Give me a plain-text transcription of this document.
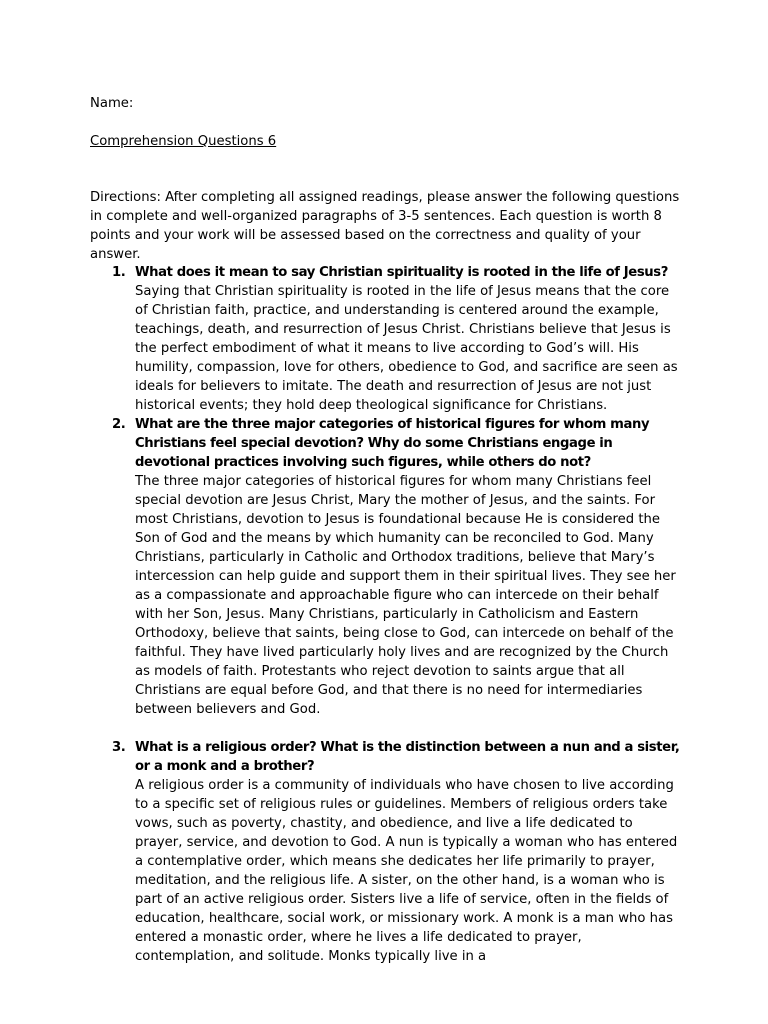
Name:
Comprehension Questions 6
Directions: After completing all assigned readings, please answer the following questions in complete and well-organized paragraphs of 3-5 sentences. Each question is worth 8 points and your work will be assessed based on the correctness and quality of your answer.
1. What does it mean to say Christian spirituality is rooted in the life of Jesus?
Saying that Christian spirituality is rooted in the life of Jesus means that the core of Christian faith, practice, and understanding is centered around the example, teachings, death, and resurrection of Jesus Christ. Christians believe that Jesus is the perfect embodiment of what it means to live according to God’s will. His humility, compassion, love for others, obedience to God, and sacrifice are seen as ideals for believers to imitate. The death and resurrection of Jesus are not just historical events; they hold deep theological significance for Christians.
2. What are the three major categories of historical figures for whom many Christians feel special devotion? Why do some Christians engage in devotional practices involving such figures, while others do not?
The three major categories of historical figures for whom many Christians feel special devotion are Jesus Christ, Mary the mother of Jesus, and the saints. For most Christians, devotion to Jesus is foundational because He is considered the Son of God and the means by which humanity can be reconciled to God. Many Christians, particularly in Catholic and Orthodox traditions, believe that Mary’s intercession can help guide and support them in their spiritual lives. They see her as a compassionate and approachable figure who can intercede on their behalf with her Son, Jesus. Many Christians, particularly in Catholicism and Eastern Orthodoxy, believe that saints, being close to God, can intercede on behalf of the faithful. They have lived particularly holy lives and are recognized by the Church as models of faith. Protestants who reject devotion to saints argue that all Christians are equal before God, and that there is no need for intermediaries between believers and God.
3. What is a religious order? What is the distinction between a nun and a sister, or a monk and a brother?
A religious order is a community of individuals who have chosen to live according to a specific set of religious rules or guidelines. Members of religious orders take vows, such as poverty, chastity, and obedience, and live a life dedicated to prayer, service, and devotion to God. A nun is typically a woman who has entered a contemplative order, which means she dedicates her life primarily to prayer, meditation, and the religious life. A sister, on the other hand, is a woman who is part of an active religious order. Sisters live a life of service, often in the fields of education, healthcare, social work, or missionary work. A monk is a man who has entered a monastic order, where he lives a life dedicated to prayer, contemplation, and solitude. Monks typically live in a
